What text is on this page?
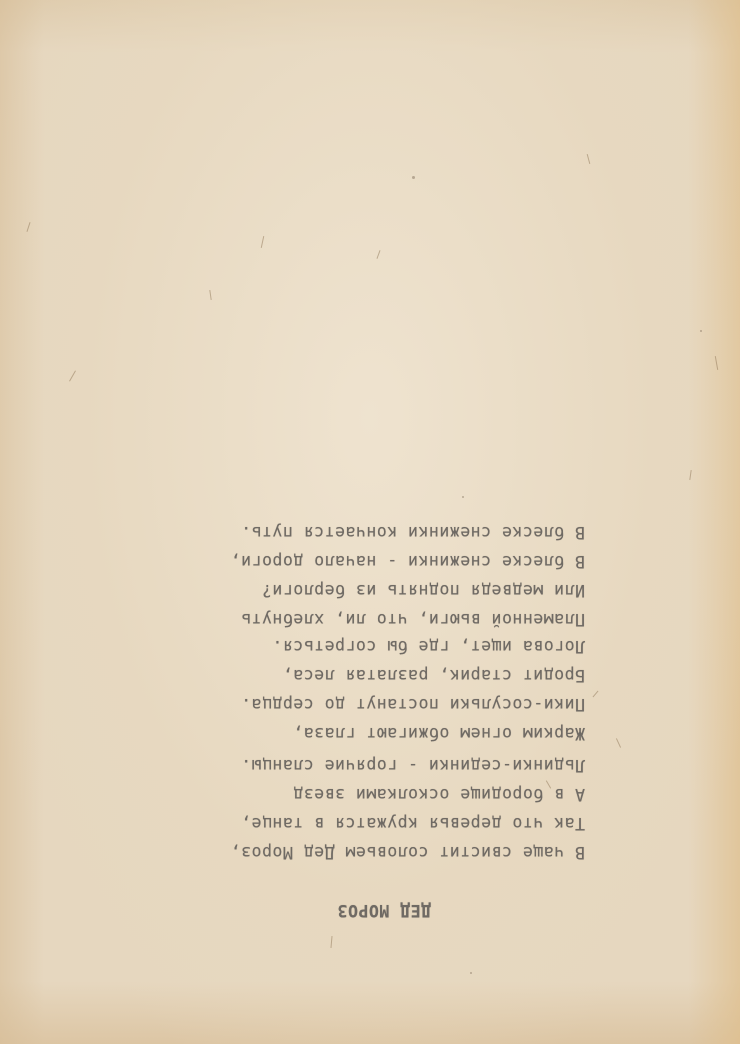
ДЕД МОРОЗ

В чаще свистит соловьем Дед Мороз,

Так что деревья кружатся в танце,

А в бородище осколками звезд

Льдинки-сединки - горячие сланцы.

Жарким огнем обжигают глаза,

Пики-сосульки постанут до сердца.

Бродит старик, разлатая леса,

Логова ищет, где бы согреться.

Пламенной вьюги, что ли, хлебнуть

Или медведя поднять из берлоги?

В блеске снежинки - начало дороги,

В блеске снежинки кончается путь.
